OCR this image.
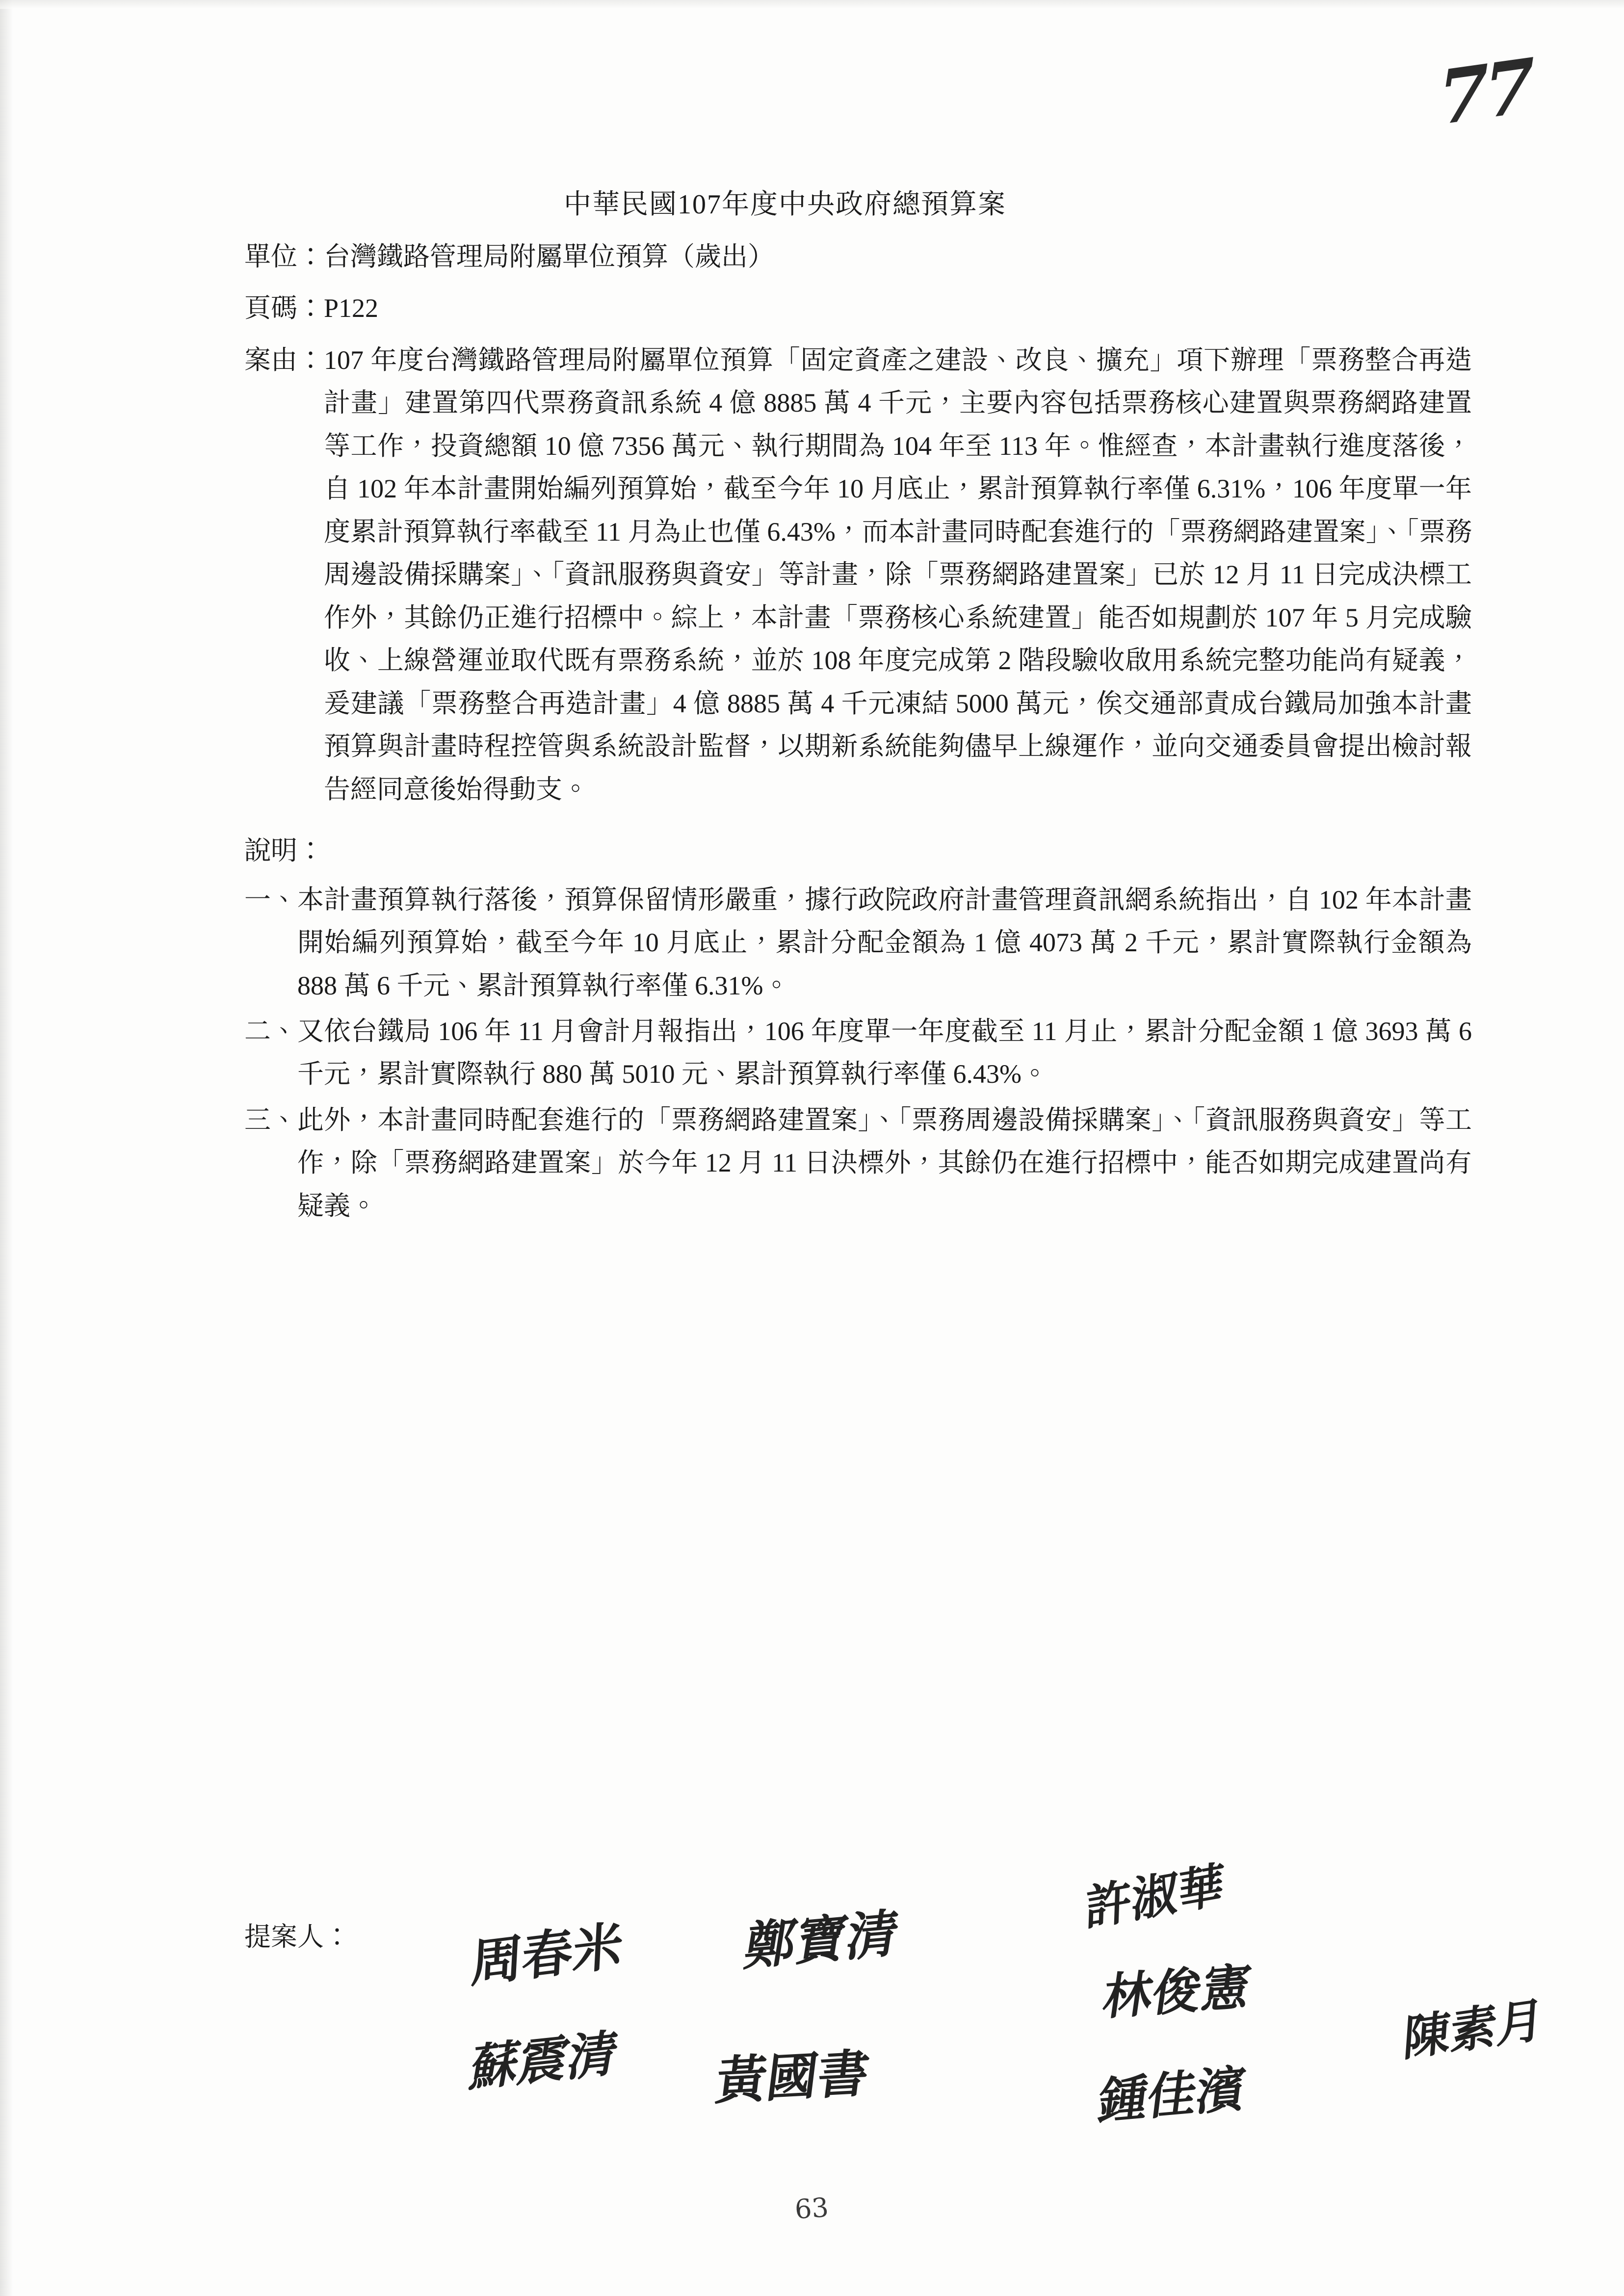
77
中華民國107年度中央政府總預算案
單位： 台灣鐵路管理局附屬單位預算（歲出）
頁碼： P122
案由： 107 年度台灣鐵路管理局附屬單位預算「固定資產之建設、改良、擴充」項下辦理「票務整合再造計畫」建置第四代票務資訊系統 4 億 8885 萬 4 千元，主要內容包括票務核心建置與票務網路建置等工作，投資總額 10 億 7356 萬元、執行期間為 104 年至 113 年。惟經查，本計畫執行進度落後，自 102 年本計畫開始編列預算始，截至今年 10 月底止，累計預算執行率僅 6.31%，106 年度單一年度累計預算執行率截至 11 月為止也僅 6.43%，而本計畫同時配套進行的「票務網路建置案」、「票務周邊設備採購案」、「資訊服務與資安」等計畫，除「票務網路建置案」已於 12 月 11 日完成決標工作外，其餘仍正進行招標中。綜上，本計畫「票務核心系統建置」能否如規劃於 107 年 5 月完成驗收、上線營運並取代既有票務系統，並於 108 年度完成第 2 階段驗收啟用系統完整功能尚有疑義，爰建議「票務整合再造計畫」4 億 8885 萬 4 千元凍結 5000 萬元，俟交通部責成台鐵局加強本計畫預算與計畫時程控管與系統設計監督，以期新系統能夠儘早上線運作，並向交通委員會提出檢討報告經同意後始得動支。
說明：
一、 本計畫預算執行落後，預算保留情形嚴重，據行政院政府計畫管理資訊網系統指出，自 102 年本計畫開始編列預算始，截至今年 10 月底止，累計分配金額為 1 億 4073 萬 2 千元，累計實際執行金額為 888 萬 6 千元、累計預算執行率僅 6.31%。
二、 又依台鐵局 106 年 11 月會計月報指出，106 年度單一年度截至 11 月止，累計分配金額 1 億 3693 萬 6 千元，累計實際執行 880 萬 5010 元、累計預算執行率僅 6.43%。
三、 此外，本計畫同時配套進行的「票務網路建置案」、「票務周邊設備採購案」、「資訊服務與資安」等工作，除「票務網路建置案」於今年 12 月 11 日決標外，其餘仍在進行招標中，能否如期完成建置尚有疑義。
提案人： 周春米 鄭寶清
許淑華
林俊憲
蘇震清 黃國書	鍾佳濱
陳素月
63
